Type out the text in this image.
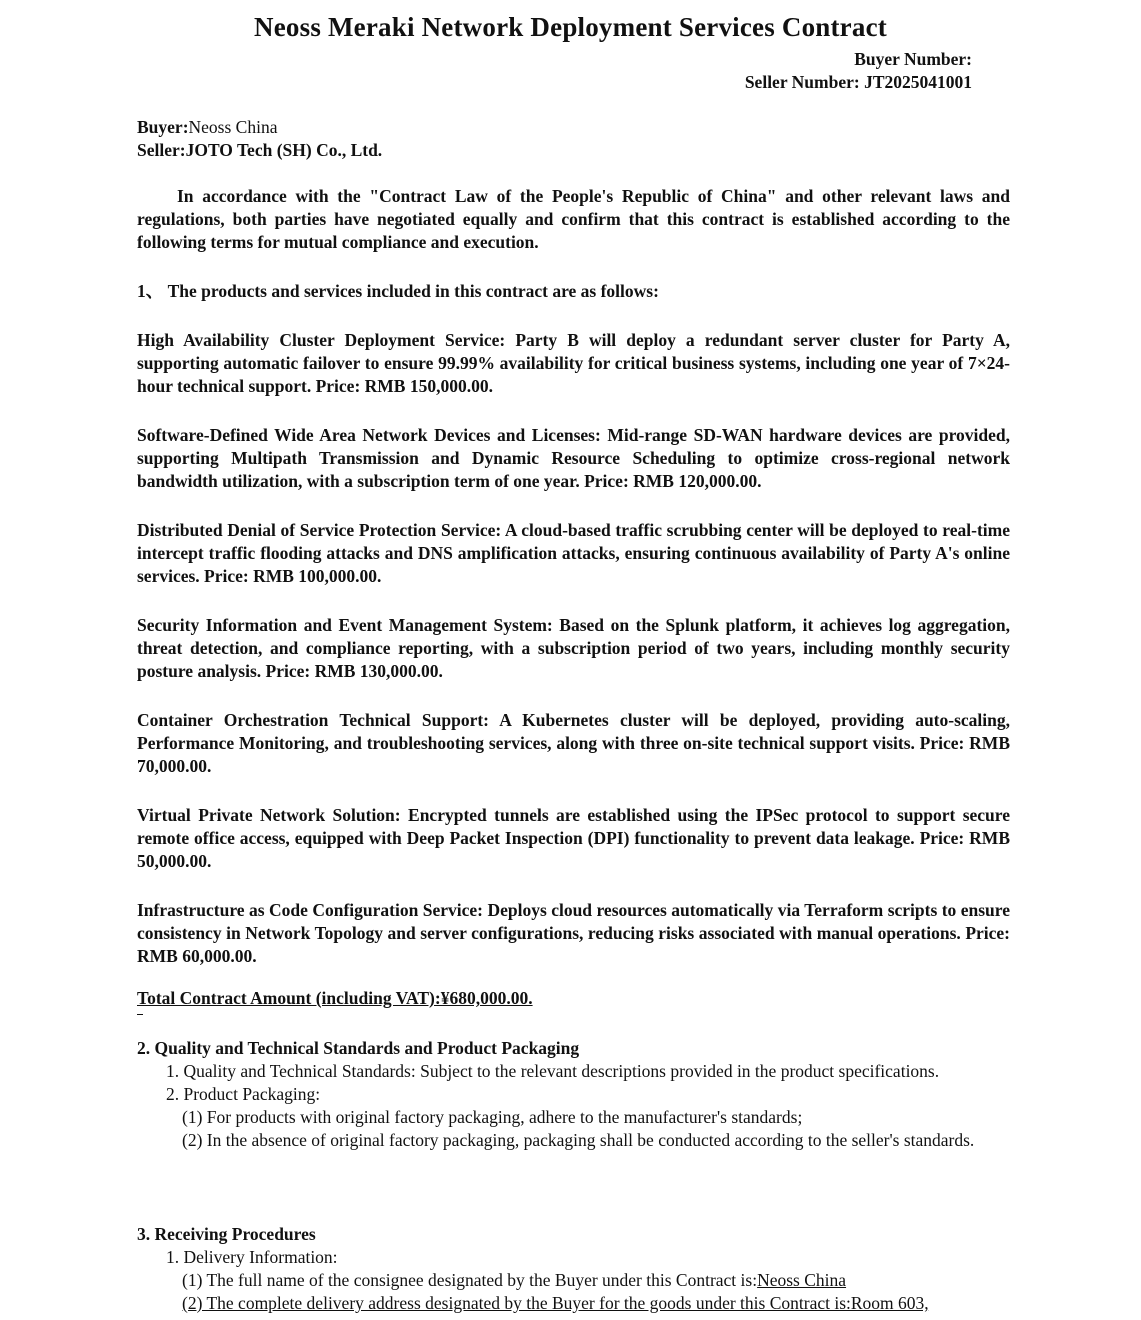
Neoss Meraki Network Deployment Services Contract
Buyer Number:
Seller Number: JT2025041001
Buyer:Neoss China
Seller:JOTO Tech (SH) Co., Ltd.

In accordance with the "Contract Law of the People's Republic of China" and other relevant laws and regulations, both parties have negotiated equally and confirm that this contract is established according to the following terms for mutual compliance and execution.

1、 The products and services included in this contract are as follows:

High Availability Cluster Deployment Service: Party B will deploy a redundant server cluster for Party A, supporting automatic failover to ensure 99.99% availability for critical business systems, including one year of 7×24-hour technical support. Price: RMB 150,000.00.

Software-Defined Wide Area Network Devices and Licenses: Mid-range SD-WAN hardware devices are provided, supporting Multipath Transmission and Dynamic Resource Scheduling to optimize cross-regional network bandwidth utilization, with a subscription term of one year. Price: RMB 120,000.00.

Distributed Denial of Service Protection Service: A cloud-based traffic scrubbing center will be deployed to real-time intercept traffic flooding attacks and DNS amplification attacks, ensuring continuous availability of Party A's online services. Price: RMB 100,000.00.

Security Information and Event Management System: Based on the Splunk platform, it achieves log aggregation, threat detection, and compliance reporting, with a subscription period of two years, including monthly security posture analysis. Price: RMB 130,000.00.

Container Orchestration Technical Support: A Kubernetes cluster will be deployed, providing auto-scaling, Performance Monitoring, and troubleshooting services, along with three on-site technical support visits. Price: RMB 70,000.00.

Virtual Private Network Solution: Encrypted tunnels are established using the IPSec protocol to support secure remote office access, equipped with Deep Packet Inspection (DPI) functionality to prevent data leakage. Price: RMB 50,000.00.

Infrastructure as Code Configuration Service: Deploys cloud resources automatically via Terraform scripts to ensure consistency in Network Topology and server configurations, reducing risks associated with manual operations. Price: RMB 60,000.00.

Total Contract Amount (including VAT):¥680,000.00.
2. Quality and Technical Standards and Product Packaging
1. Quality and Technical Standards: Subject to the relevant descriptions provided in the product specifications.
2. Product Packaging:
(1) For products with original factory packaging, adhere to the manufacturer's standards;
(2) In the absence of original factory packaging, packaging shall be conducted according to the seller's standards.
3. Receiving Procedures
1. Delivery Information:
(1) The full name of the consignee designated by the Buyer under this Contract is:Neoss China
(2) The complete delivery address designated by the Buyer for the goods under this Contract is:Room 603,
